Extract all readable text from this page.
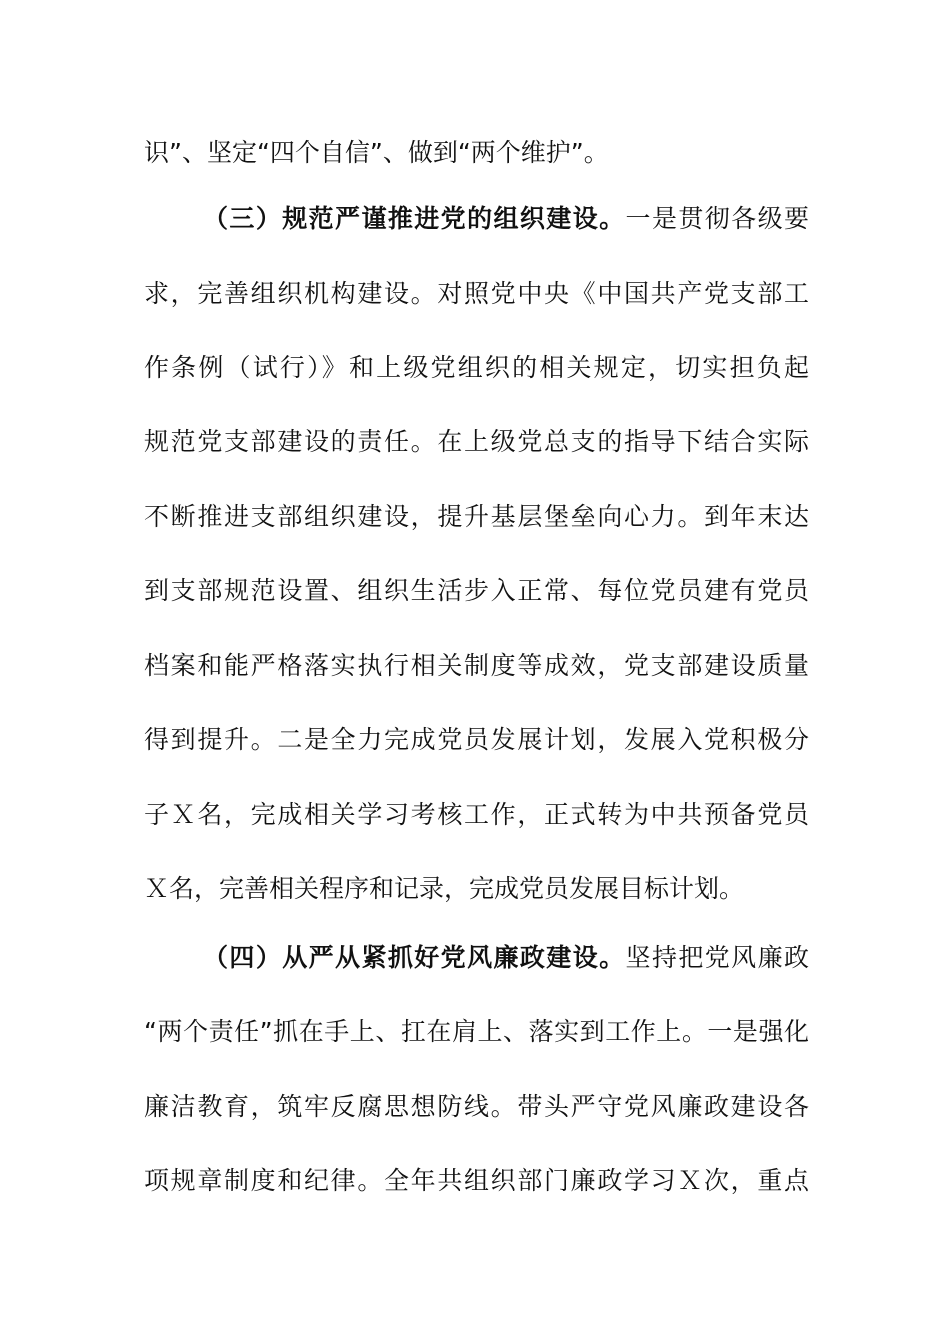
识”、坚定“四个自信”、做到“两个维护”。
（三）规范严谨推进党的组织建设。一是贯彻各级要
求，完善组织机构建设。对照党中央《中国共产党支部工
作条例（试行）》和上级党组织的相关规定，切实担负起
规范党支部建设的责任。在上级党总支的指导下结合实际
不断推进支部组织建设，提升基层堡垒向心力。到年末达
到支部规范设置、组织生活步入正常、每位党员建有党员
档案和能严格落实执行相关制度等成效，党支部建设质量
得到提升。二是全力完成党员发展计划，发展入党积极分
子Ｘ名，完成相关学习考核工作，正式转为中共预备党员
Ｘ名，完善相关程序和记录，完成党员发展目标计划。
（四）从严从紧抓好党风廉政建设。坚持把党风廉政
“两个责任”抓在手上、扛在肩上、落实到工作上。一是强化
廉洁教育，筑牢反腐思想防线。带头严守党风廉政建设各
项规章制度和纪律。全年共组织部门廉政学习Ｘ次，重点
